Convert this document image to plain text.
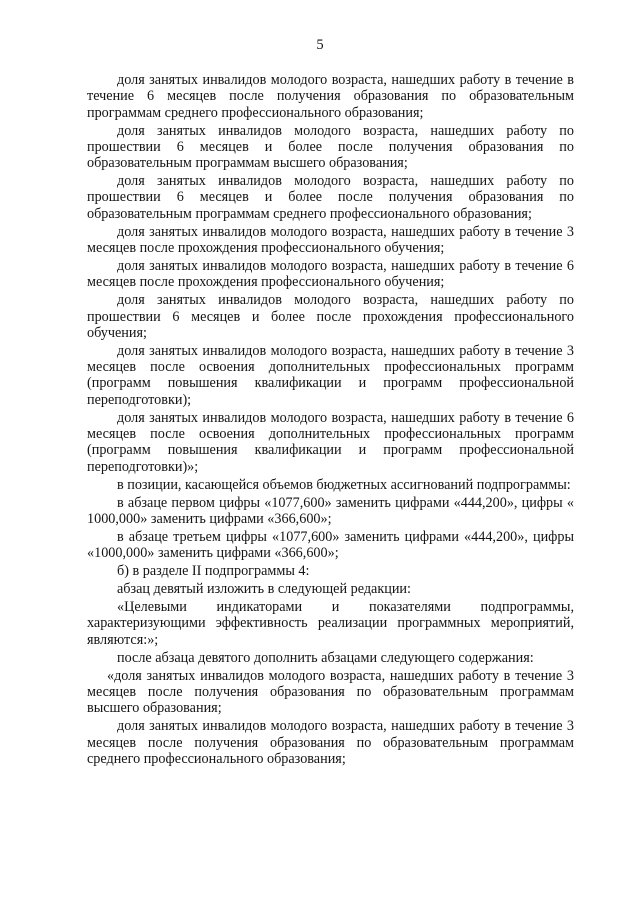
5

доля занятых инвалидов молодого возраста, нашедших работу в течение в течение 6 месяцев после получения образования по образовательным программам среднего профессионального образования;

доля занятых инвалидов молодого возраста, нашедших работу по прошествии 6 месяцев и более после получения образования по образовательным программам высшего образования;

доля занятых инвалидов молодого возраста, нашедших работу по прошествии 6 месяцев и более после получения образования по образовательным программам среднего профессионального образования;

доля занятых инвалидов молодого возраста, нашедших работу в течение 3 месяцев после прохождения профессионального обучения;

доля занятых инвалидов молодого возраста, нашедших работу в течение 6 месяцев после прохождения профессионального обучения;

доля занятых инвалидов молодого возраста, нашедших работу по прошествии 6 месяцев и более после прохождения профессионального обучения;

доля занятых инвалидов молодого возраста, нашедших работу в течение 3 месяцев после освоения дополнительных профессиональных программ (программ повышения квалификации и программ профессиональной переподготовки);

доля занятых инвалидов молодого возраста, нашедших работу в течение 6 месяцев после освоения дополнительных профессиональных программ (программ повышения квалификации и программ профессиональной переподготовки)»;

в позиции, касающейся объемов бюджетных ассигнований подпрограммы:

в абзаце первом цифры «1077,600» заменить цифрами «444,200», цифры « 1000,000» заменить цифрами «366,600»;

в абзаце третьем цифры «1077,600» заменить цифрами «444,200», цифры «1000,000» заменить цифрами «366,600»;

б) в разделе II подпрограммы 4:

абзац девятый изложить в следующей редакции:

«Целевыми индикаторами и показателями подпрограммы, характеризующими эффективность реализации программных мероприятий, являются:»;

после абзаца девятого дополнить абзацами следующего содержания:

«доля занятых инвалидов молодого возраста, нашедших работу в течение 3 месяцев после получения образования по образовательным программам высшего образования;

доля занятых инвалидов молодого возраста, нашедших работу в течение 3 месяцев после получения образования по образовательным программам среднего профессионального образования;
